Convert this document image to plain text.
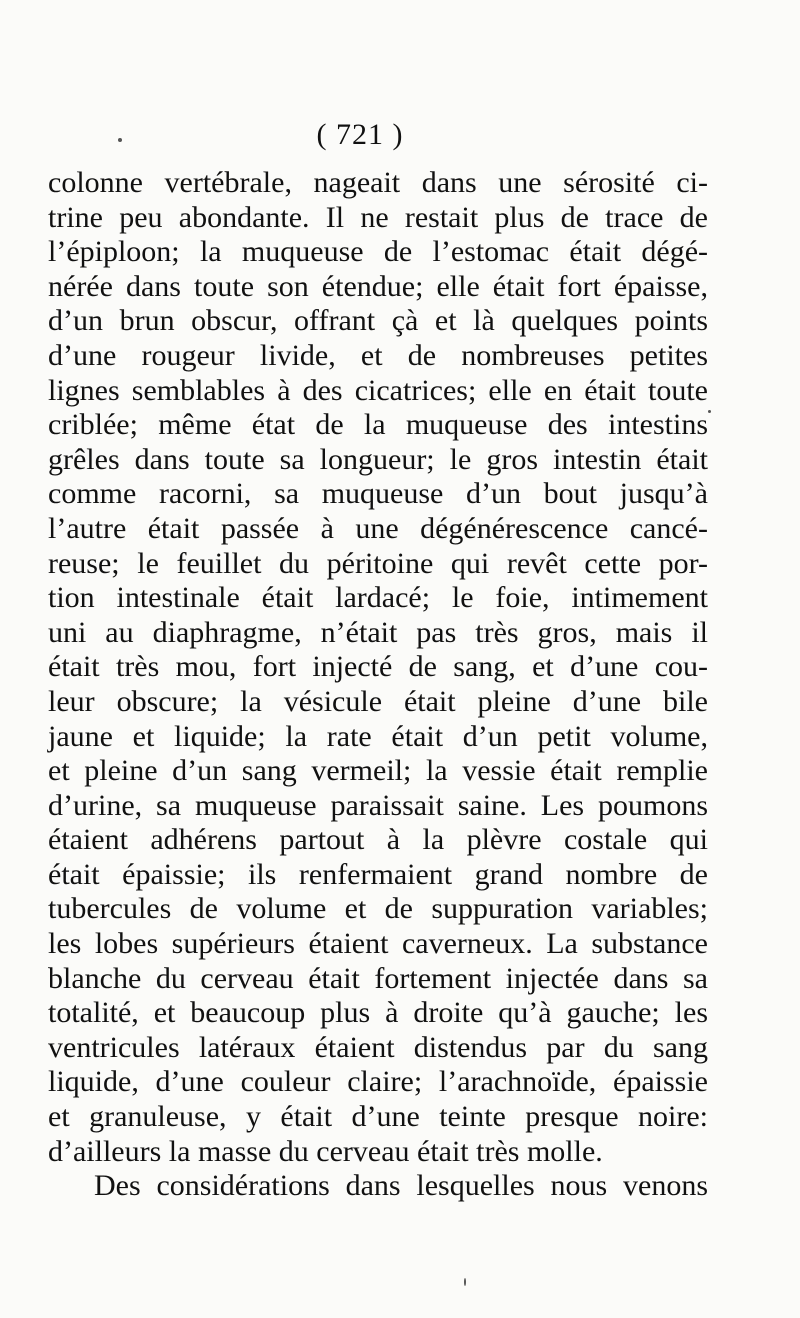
( 721 )
colonne vertébrale, nageait dans une sérosité ci-
trine peu abondante. Il ne restait plus de trace de
l’épiploon; la muqueuse de l’estomac était dégé-
nérée dans toute son étendue; elle était fort épaisse,
d’un brun obscur, offrant çà et là quelques points
d’une rougeur livide, et de nombreuses petites
lignes semblables à des cicatrices; elle en était toute
criblée; même état de la muqueuse des intestins
grêles dans toute sa longueur; le gros intestin était
comme racorni, sa muqueuse d’un bout jusqu’à
l’autre était passée à une dégénérescence cancé-
reuse; le feuillet du péritoine qui revêt cette por-
tion intestinale était lardacé; le foie, intimement
uni au diaphragme, n’était pas très gros, mais il
était très mou, fort injecté de sang, et d’une cou-
leur obscure; la vésicule était pleine d’une bile
jaune et liquide; la rate était d’un petit volume,
et pleine d’un sang vermeil; la vessie était remplie
d’urine, sa muqueuse paraissait saine. Les poumons
étaient adhérens partout à la plèvre costale qui
était épaissie; ils renfermaient grand nombre de
tubercules de volume et de suppuration variables;
les lobes supérieurs étaient caverneux. La substance
blanche du cerveau était fortement injectée dans sa
totalité, et beaucoup plus à droite qu’à gauche; les
ventricules latéraux étaient distendus par du sang
liquide, d’une couleur claire; l’arachnoïde, épaissie
et granuleuse, y était d’une teinte presque noire:
d’ailleurs la masse du cerveau était très molle.
Des considérations dans lesquelles nous venons
